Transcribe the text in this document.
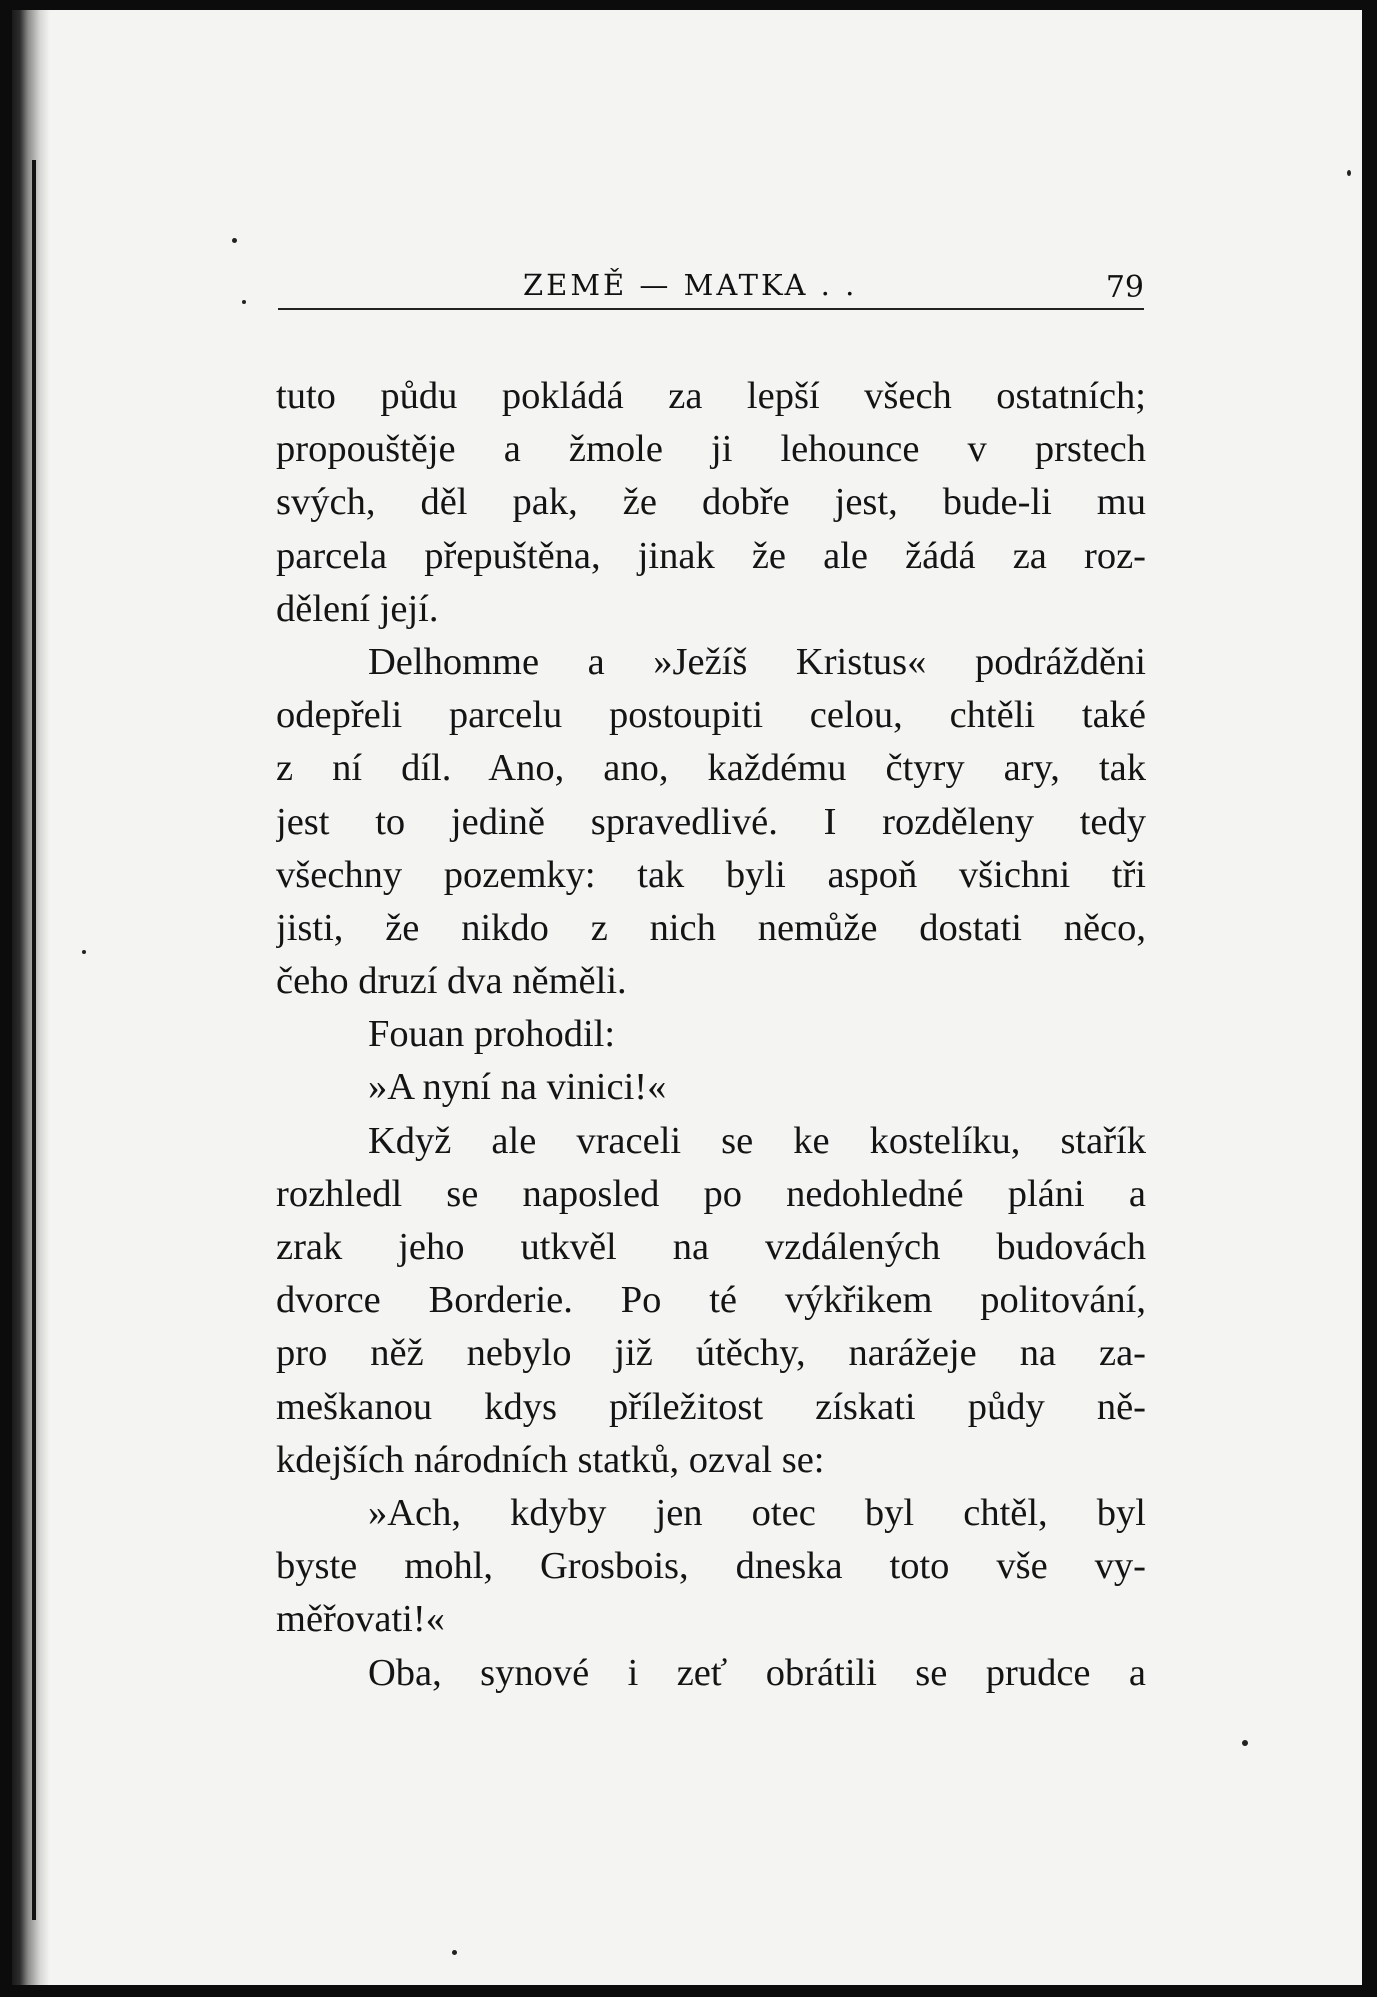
ZEMĚ — MATKA . .	79
tuto půdu pokládá za lepší všech ostatních;
propouštěje a žmole ji lehounce v prstech
svých, děl pak, že dobře jest, bude-li mu
parcela přepuštěna, jinak že ale žádá za roz-
dělení její.
Delhomme a »Ježíš Kristus« podrážděni
odepřeli parcelu postoupiti celou, chtěli také
z ní díl. Ano, ano, každému čtyry ary, tak
jest to jedině spravedlivé. I rozděleny tedy
všechny pozemky: tak byli aspoň všichni tři
jisti, že nikdo z nich nemůže dostati něco,
čeho druzí dva něměli.
Fouan prohodil:
»A nyní na vinici!«
Když ale vraceli se ke kostelíku, stařík
rozhledl se naposled po nedohledné pláni a
zrak jeho utkvěl na vzdálených budovách
dvorce Borderie. Po té výkřikem politování,
pro něž nebylo již útěchy, narážeje na za-
meškanou kdys příležitost získati půdy ně-
kdejších národních statků, ozval se:
»Ach, kdyby jen otec byl chtěl, byl
byste mohl, Grosbois, dneska toto vše vy-
měřovati!«
Oba, synové i zeť obrátili se prudce a
